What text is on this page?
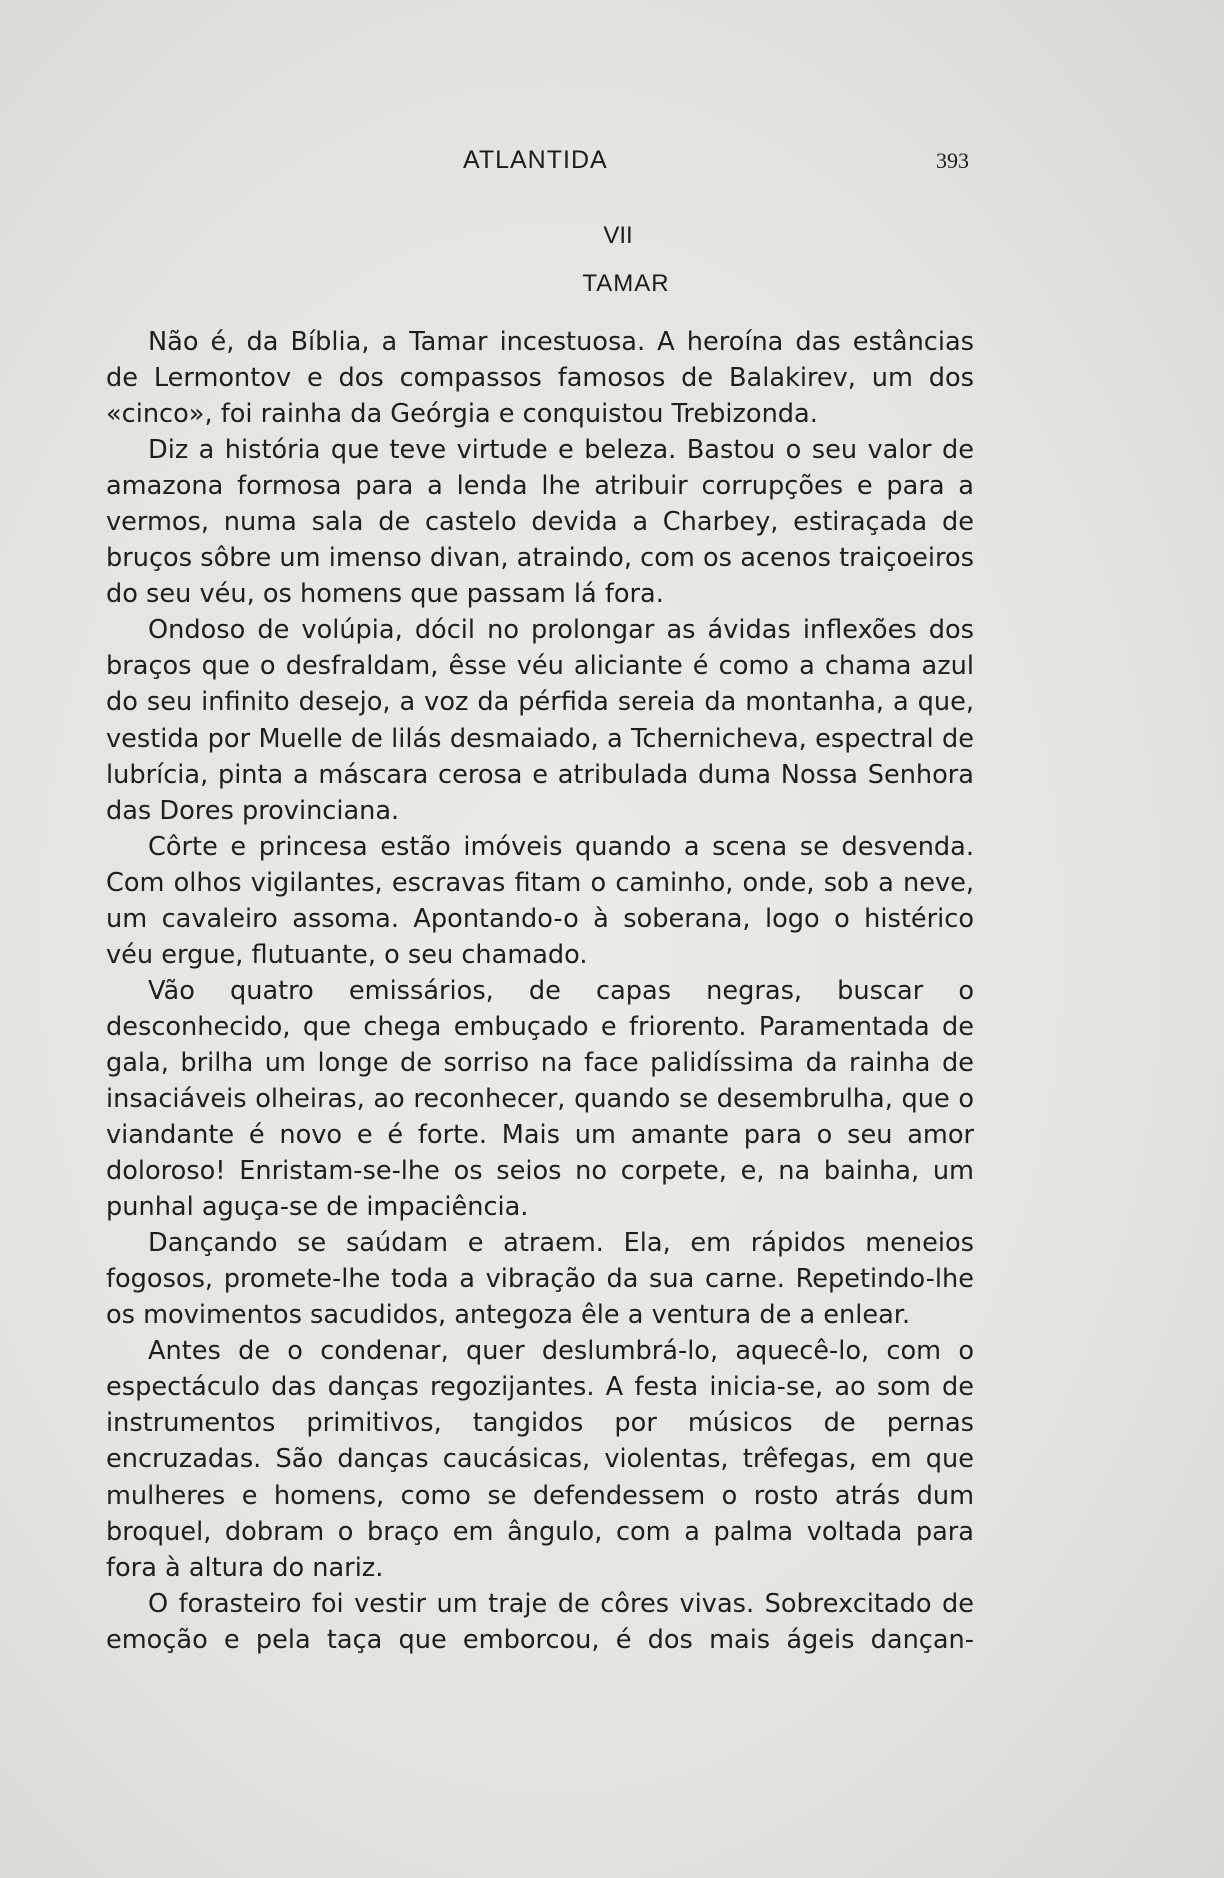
ATLANTIDA	393
VII
TAMAR

Não é, da Bíblia, a Tamar incestuosa. A heroína das estâncias de Lermontov e dos compassos famosos de Balakirev, um dos «cinco», foi rainha da Geórgia e conquistou Trebizonda.

Diz a história que teve virtude e beleza. Bastou o seu valor de amazona formosa para a lenda lhe atribuir corrupções e para a vermos, numa sala de castelo devida a Charbey, estiraçada de bruços sôbre um imenso divan, atraindo, com os acenos traiçoeiros do seu véu, os homens que passam lá fora.

Ondoso de volúpia, dócil no prolongar as ávidas inflexões dos braços que o desfraldam, êsse véu aliciante é como a chama azul do seu infinito desejo, a voz da pérfida sereia da montanha, a que, vestida por Muelle de lilás desmaiado, a Tchernicheva, espectral de lubrícia, pinta a máscara cerosa e atribulada duma Nossa Senhora das Dores provinciana.

Côrte e princesa estão imóveis quando a scena se desvenda. Com olhos vigilantes, escravas fitam o caminho, onde, sob a neve, um cavaleiro assoma. Apontando-o à soberana, logo o histérico véu ergue, flutuante, o seu chamado.

Vão quatro emissários, de capas negras, buscar o desconhecido, que chega embuçado e friorento. Paramentada de gala, brilha um longe de sorriso na face palidíssima da rainha de insaciáveis olheiras, ao reconhecer, quando se desembrulha, que o viandante é novo e é forte. Mais um amante para o seu amor doloroso! Enristam-se-lhe os seios no corpete, e, na bainha, um punhal aguça-se de impaciência.

Dançando se saúdam e atraem. Ela, em rápidos meneios fogosos, promete-lhe toda a vibração da sua carne. Repetindo-lhe os movimentos sacudidos, antegoza êle a ventura de a enlear.

Antes de o condenar, quer deslumbrá-lo, aquecê-lo, com o espectáculo das danças regozijantes. A festa inicia-se, ao som de instrumentos primitivos, tangidos por músicos de pernas encruzadas. São danças caucásicas, violentas, trêfegas, em que mulheres e homens, como se defendessem o rosto atrás dum broquel, dobram o braço em ângulo, com a palma voltada para fora à altura do nariz.

O forasteiro foi vestir um traje de côres vivas. Sobrexcitado de emoção e pela taça que emborcou, é dos mais ágeis dançan-
